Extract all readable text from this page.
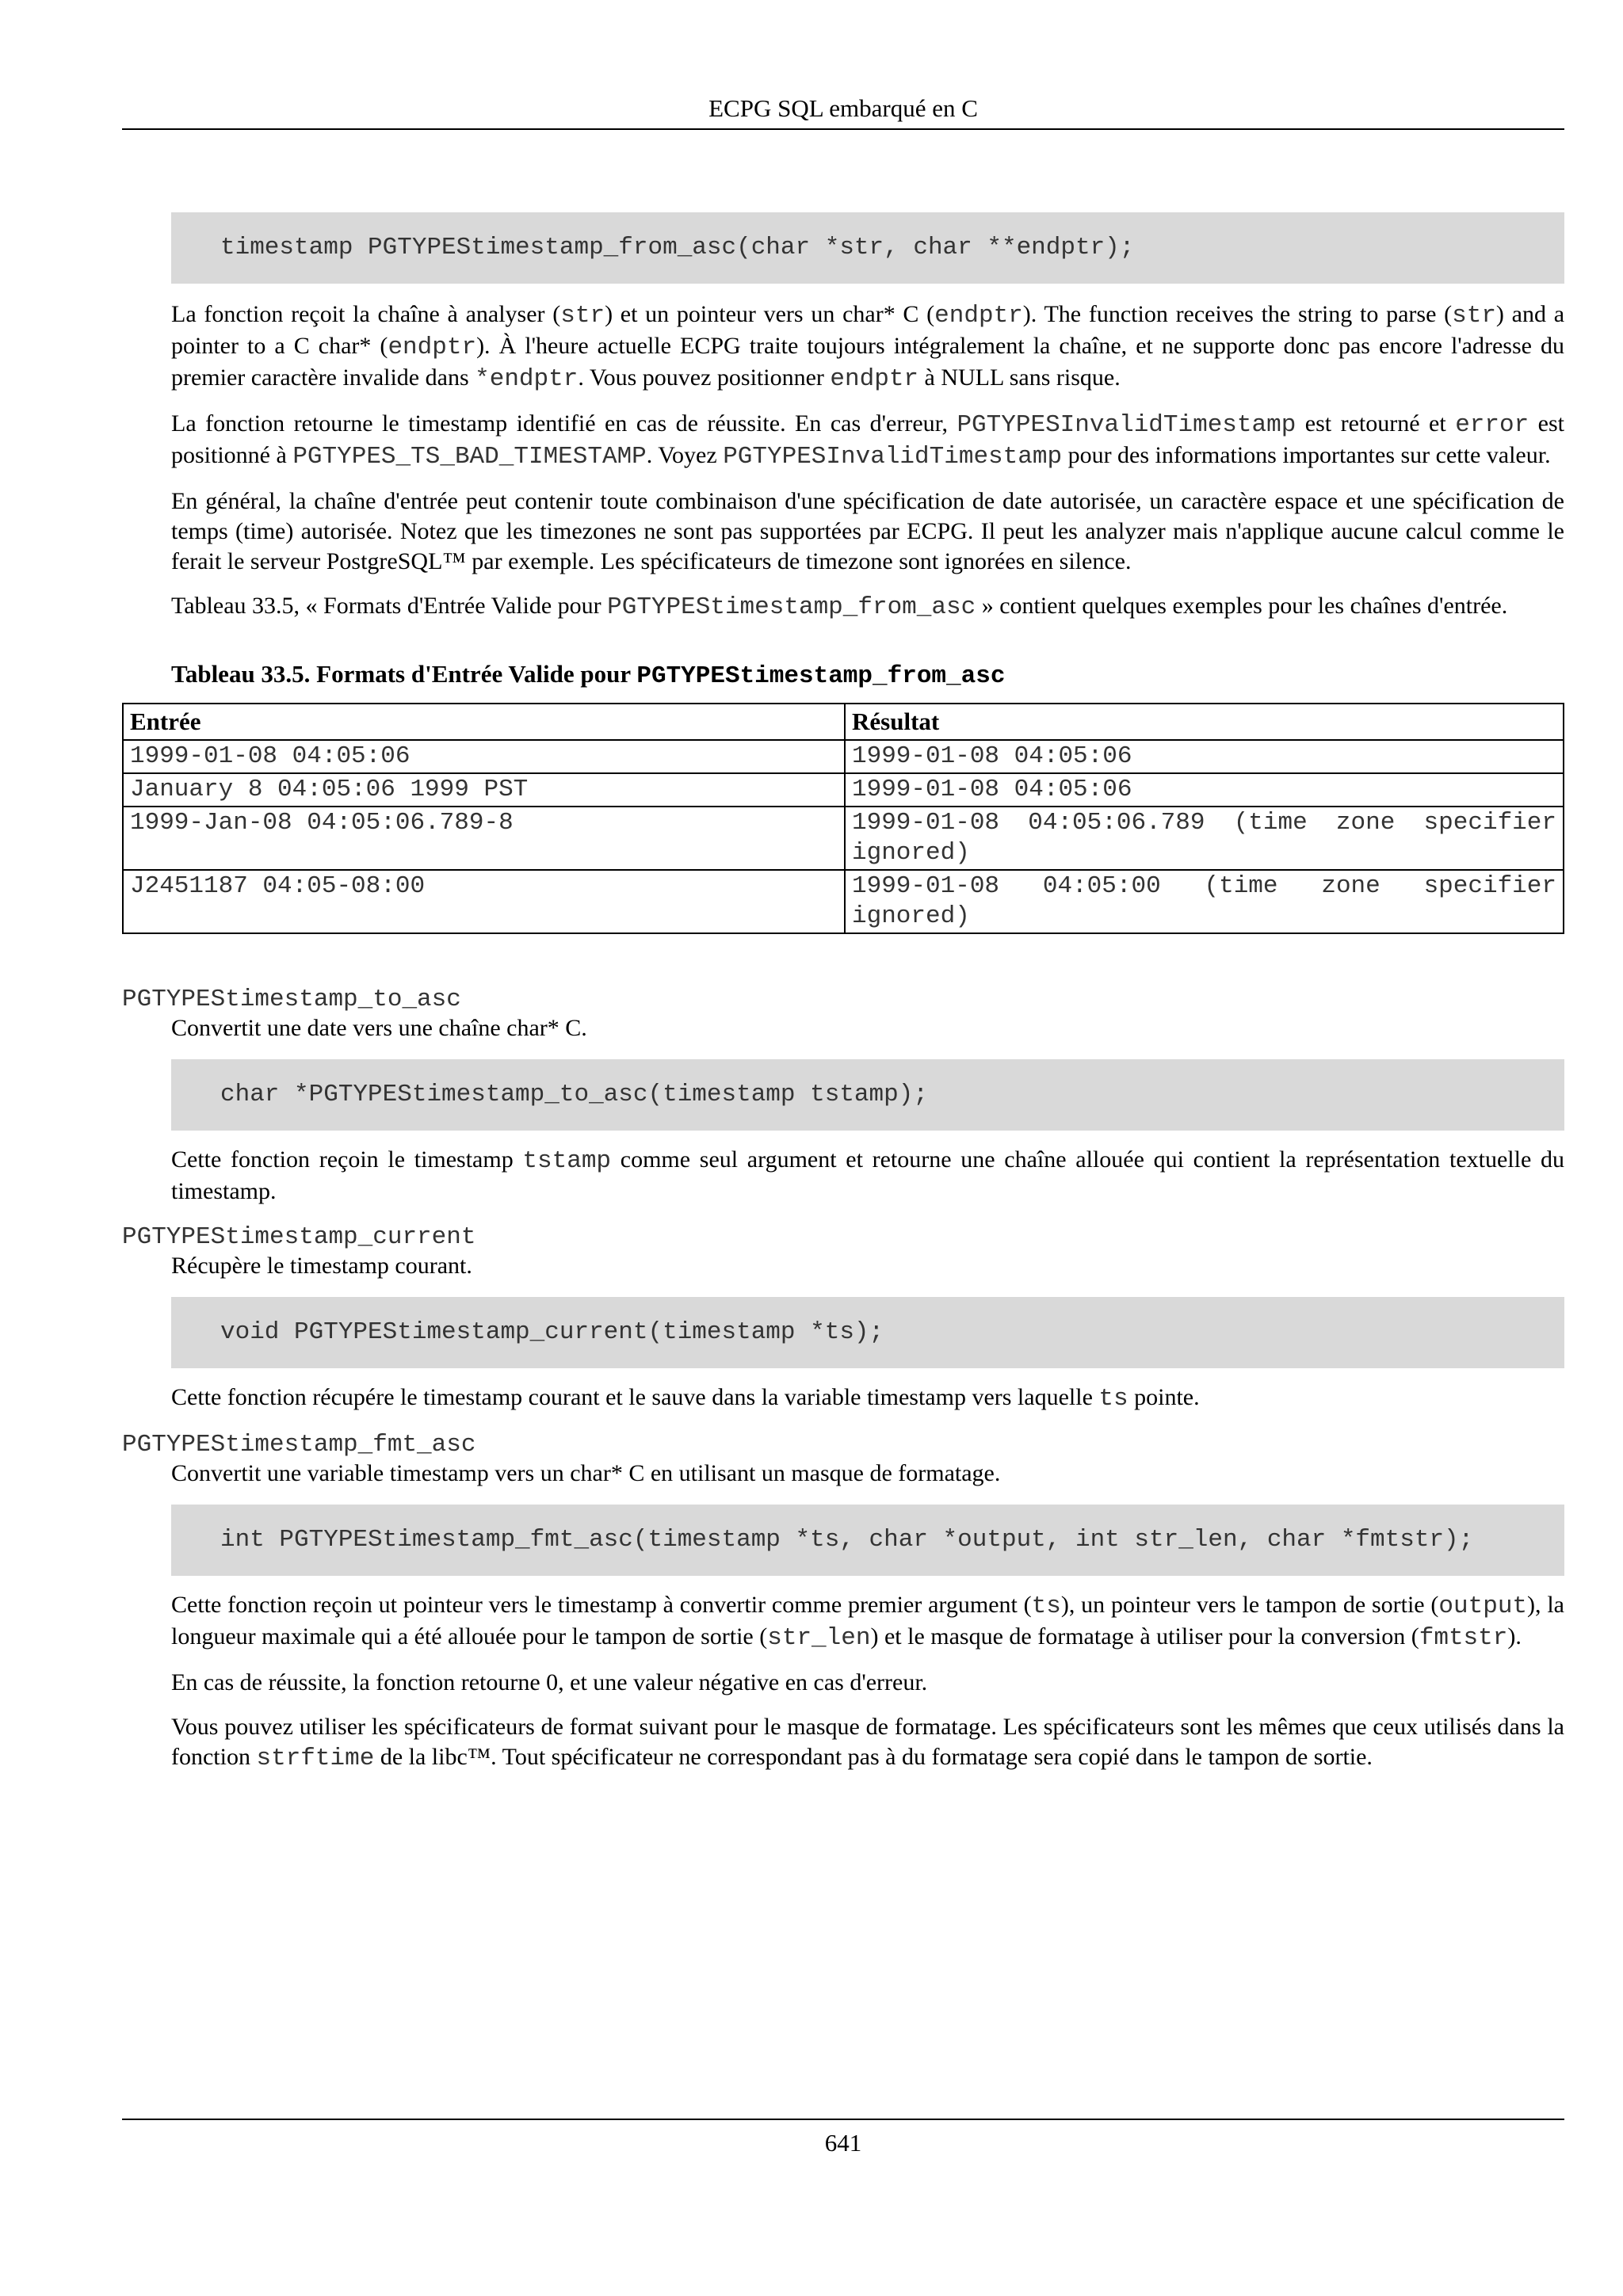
ECPG SQL embarqué en C
timestamp PGTYPEStimestamp_from_asc(char *str, char **endptr);

La fonction reçoit la chaîne à analyser (str) et un pointeur vers un char* C (endptr). The function receives the string to parse (str) and a pointer to a C char* (endptr). À l'heure actuelle ECPG traite toujours intégralement la chaîne, et ne supporte donc pas encore l'adresse du premier caractère invalide dans *endptr. Vous pouvez positionner endptr à NULL sans risque.

La fonction retourne le timestamp identifié en cas de réussite. En cas d'erreur, PGTYPESInvalidTimestamp est retourné et error est positionné à PGTYPES_TS_BAD_TIMESTAMP. Voyez PGTYPESInvalidTimestamp pour des informations importantes sur cette valeur.

En général, la chaîne d'entrée peut contenir toute combinaison d'une spécification de date autorisée, un caractère espace et une spécification de temps (time) autorisée. Notez que les timezones ne sont pas supportées par ECPG. Il peut les analyzer mais n'applique aucune calcul comme le ferait le serveur PostgreSQL™ par exemple. Les spécificateurs de timezone sont ignorées en silence.

Tableau 33.5, « Formats d'Entrée Valide pour PGTYPEStimestamp_from_asc » contient quelques exemples pour les chaînes d'entrée.

Tableau 33.5. Formats d'Entrée Valide pour PGTYPEStimestamp_from_asc
Entrée	Résultat
1999-01-08 04:05:06	1999-01-08 04:05:06
January 8 04:05:06 1999 PST	1999-01-08 04:05:06
1999-Jan-08 04:05:06.789-8	1999-01-08 04:05:06.789 (time zone specifier ignored)
J2451187 04:05-08:00	1999-01-08 04:05:00 (time zone specifier ignored)
PGTYPEStimestamp_to_asc
Convertit une date vers une chaîne char* C.
char *PGTYPEStimestamp_to_asc(timestamp tstamp);

Cette fonction reçoin le timestamp tstamp comme seul argument et retourne une chaîne allouée qui contient la représentation textuelle du timestamp.

PGTYPEStimestamp_current
Récupère le timestamp courant.
void PGTYPEStimestamp_current(timestamp *ts);

Cette fonction récupére le timestamp courant et le sauve dans la variable timestamp vers laquelle ts pointe.

PGTYPEStimestamp_fmt_asc
Convertit une variable timestamp vers un char* C en utilisant un masque de formatage.
int PGTYPEStimestamp_fmt_asc(timestamp *ts, char *output, int str_len, char *fmtstr);

Cette fonction reçoin ut pointeur vers le timestamp à convertir comme premier argument (ts), un pointeur vers le tampon de sortie (output), la longueur maximale qui a été allouée pour le tampon de sortie (str_len) et le masque de formatage à utiliser pour la conversion (fmtstr).

En cas de réussite, la fonction retourne 0, et une valeur négative en cas d'erreur.

Vous pouvez utiliser les spécificateurs de format suivant pour le masque de formatage. Les spécificateurs sont les mêmes que ceux utilisés dans la fonction strftime de la libc™. Tout spécificateur ne correspondant pas à du formatage sera copié dans le tampon de sortie.

641
